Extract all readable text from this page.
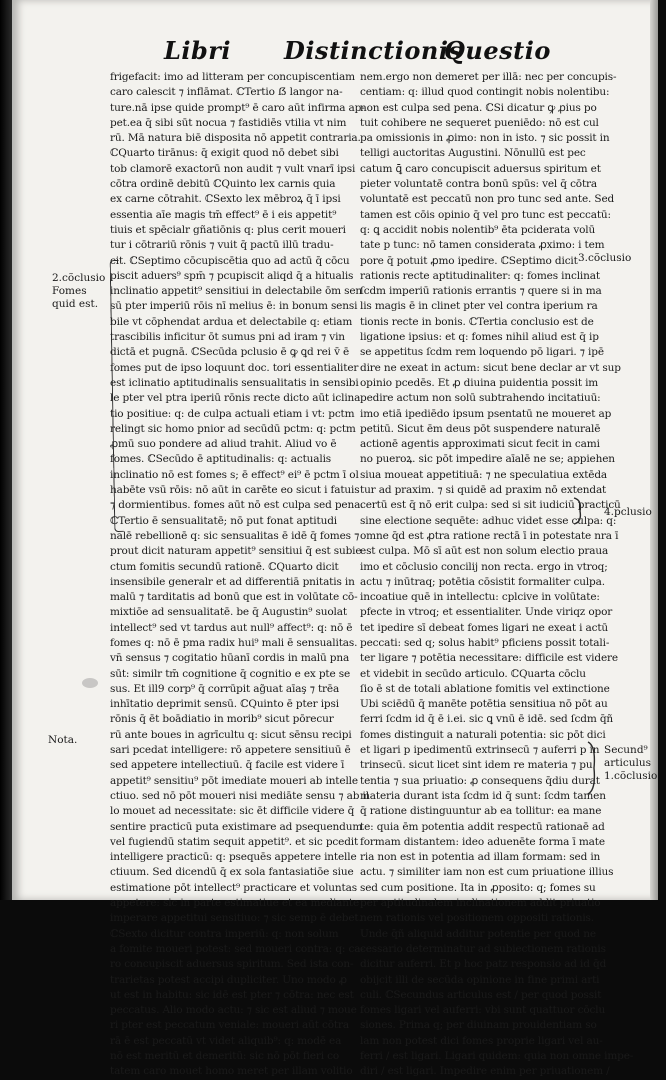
Libri Distinctionis
Questio
frigefacit: imo ad litteram per concupiscentiam
caro calescit ⁊ inflāmat. ℂTertio ẞ langor na-
ture.nā ipse quide prompt⁹ ē caro aūt infirma ap-
pet.ea q̄ sibi sūt nocua ⁊ fastidiēs vtilia vt nim
rū. Mā natura biē disposita nō appetit contraria.
ℂQuarto tirānus: q̄ exigit quod nō debet sibi
tob clamorē exactorū non audit ⁊ vult vnarī ipsi
cōtra ordinē debitū ℂQuinto lex carnis quia
ex carne cōtrahit. ℂSexto lex mēbroꝝ q̄ ī ipsi
essentia aīe magis tm̄ effect⁹ ē i eis appetit⁹
tiuis et spēcialr gñatiōnis q: plus cerit moueri
tur i cōtrariū rōnis ⁊ vuit q̄ pactū illū tradu-
cit. ℂSeptimo cōcupiscētia quo ad actū q̄ cōcu
piscit aduers⁹ spm̄ ⁊ pcupiscit aliqd q̄ a hitualis
inclinatio appetit⁹ sensitiui in delectabile ōm sen
sū pter imperiū rōis nī melius ē: in bonum sensi
bile vt cōphendat ardua et delectabile q: etiam
trascibilis inficitur ōt sumus pni ad iram ⁊ vin
dictā et pugnā. ℂSecūda pclusio ē ꝙ ꝗd rei v̄ ē
fomes put de ipso loquunt doc. tori essentialiter
est iclinatio aptitudinalis sensualitatis in sensibi
le pter vel ptra iperiū rōnis recte dicto aūt iclina
tio positiue: q: de culpa actuali etiam i vt: pctm
relingt sic homo pnior ad secūdū pctm: q: pctm
ꝓmū suo pondere ad aliud trahit. Aliud vo ē
fomes. ℂSecūdo ē aptitudinalis: q: actualis
inclinatio nō est fomes s; ē effect⁹ ei⁹ ē pctm ī ol
habēte vsū rōis: nō aūt in carēte eo sicut i fatuis
⁊ dormientibus. fomes aūt nō est culpa sed pena.
ℂTertio ē sensualitatē; nō put fonat aptitudi
nalē rebellionē q: sic sensualitas ē idē q̄ fomes ⁊
prout dicit naturam appetit⁹ sensitiui q̄ est subie
ctum fomitis secundū rationē. ℂQuarto dicit
insensibile generalr et ad differentiā pnitatis in
malū ⁊ tarditatis ad bonū que est in volūtate cō-
mixtiōe ad sensualitatē. be q̄ Augustin⁹ suolat
intellect⁹ sed vt tardus aut null⁹ affect⁹: q: nō ē
fomes q: nō ē pma radix hui⁹ mali ē sensualitas.
vn̄ sensus ⁊ cogitatio hūanī cordis in malū pna
sūt: similr tm̄ cognitione q̄ cognitio e ex pte se
sus. Et ill9 corp⁹ q̄ corrūpit ag̃uat aīaş ⁊ trēa
inhītatio deprimit sensū. ℂQuinto ē pter ipsi
rōnis q̄ ēt boādiatio in morib⁹ sicut pōrecur
rū ante boues in agrīcultu q: sicut sēnsu recipi
sari pcedat intelligere: rō appetere sensitiuū ē
sed appetere intellectiuū. q̄ facile est videre ī
appetit⁹ sensitiu⁹ pōt imediate moueri ab intelle
ctiuo. sed nō pōt moueri nisi mediāte sensu ⁊ ab il
lo mouet ad necessitate: sic ēt difficile videre q̄
sentire practicū puta existimare ad psequendum
vel fugiendū statim sequit appetit⁹. et sic pcedit
intelligere practicū: q: psequēs appetere intelle
ctiuum. Sed dicendū q̄ ex sola fantasiatiōe siue
estimatione pōt intellect⁹ practicare et voluntas
appetere: sic in parte estimatiue et ea mediante
imperare appetitui sensitiuo: ⁊ sic semp ē debet.
ℂSexto dicitur contra imperiū: q: non solum
a fomite moueri potest: sed moueri contra: q: ca-
ro concupiscit aduersus spiritum. Sed ista con-
trarietas potest accipi dupliciter. Uno modo ꝓ
ut est in habitu: sic idē est pter ⁊ cōtra: nec est
peccatus. Alio modo actu: ⁊ sic est aliud ⁊ moue
ri pter est peccatum veniale: moueri aūt cōtra
rā ē est peccatū vt videt aliquib⁹: q: modē ea
nō est meritū et demeritū: sic nō pōt fieri co
tatem caro mouet homo meret per illam volitio
nem.ergo non demeret per illā: nec per concupis-
centiam: q: illud quod contingit nobis nolentibu:
non est culpa sed pena. ℂSi dicatur ꝙ ꝓius po
tuit cohibere ne sequeret pueniēdo: nō est cul
pa omissionis in ꝓimo: non in isto. ⁊ sic possit in
telligi auctoritas Augustini. Nōnullū est pec
catum ꝗ̄ caro concupiscit aduersus spiritum et
pieter voluntatē contra bonū spūs: vel q̄ cōtra
voluntatē est peccatū non pro tunc sed ante. Sed
tamen est cōis opinio q̄ vel pro tunc est peccatū:
q: ꝗ accidit nobis nolentib⁹ ēta pciderata volū
tate p tunc: nō tamen considerata ꝓximo: i tem
pore q̄ potuit ꝓmo ipedire. ℂSeptimo dicit
rationis recte aptitudinaliter: q: fomes inclinat
ſcdm imperiū rationis errantis ⁊ quere si in ma
lis magis ē in clinet pter vel contra iperium ra
tionis recte in bonis. ℂTertia conclusio est de
ligatione ipsius: et q: fomes nihil aliud est q̄ ip
se appetitus ſcdm rem loquendo pō ligari. ⁊ ipē
dire ne exeat in actum: sicut bene declar ar vt sup
opinio pcedēs. Et ꝓ diuina puidentia possit im
pedire actum non solū subtrahendo incitatiuū:
imo etiā ipediēdo ipsum psentatū ne moueret ap
petitū. Sicut ēm deus pōt suspendere naturalē
actionē agentis approximati sicut fecit in cami
no pueroꝝ. sic pōt impedire aīalē ne se; appiehen
siua moueat appetitiuā: ⁊ ne speculatiua extēda
tur ad praxim. ⁊ si quidē ad praxim nō extendat
certū est q̄ nō erit culpa: sed si sit iudiciū practicū
sine electione sequēte: adhuc videt esse culpa: q:
omne q̄d est ꝓtra ratione rectā ī in potestate nra ī
est culpa. Mō sī aūt est non solum electio praua
imo et cōclusio concilij non recta. ergo in vtroq;
actu ⁊ inūtraq; potētia cōsistit formaliter culpa.
incoatiue quē in intellectu: cplcive in volūtate:
pfecte in vtroq; et essentialiter. Unde viriqz opor
tet ipedire sī debeat fomes ligari ne exeat i actū
peccati: sed q; solus habit⁹ pficiens possit totali-
ter ligare ⁊ potētia necessitare: difficile est videre
et videbit in secūdo articulo. ℂQuarta cōclu
ſio ē st de totali ablatione fomitis vel extinctione
Ubi sciēdū q̄ manēte potētia sensitiua nō pōt au
ferri ſcdm id q̄ ē i.ei. sic ꝗ vnū ē idē. sed ſcdm q̄ñ
fomes distinguit a naturali potentia: sic pōt dici
et ligari p ipedimentū extrinsecū ⁊ auferri p in
trinsecū. sicut licet sint idem re materia ⁊ pu
tentia ⁊ sua priuatio: ꝓ consequens q̄diu durat
materia durant ista ſcdm id q̄ sunt: ſcdm tamen
q̄ ratione distinguuntur ab ea tollitur: ea mane
te: quia ēm potentia addit respectū rationaē ad
formam distantem: ideo aduenēte forma ī mate
ria non est in potentia ad illam formam: sed in
actu. ⁊ similiter iam non est cum priuatione illius
sed cum positione. Ita in ꝓposito: q; fomes su
per aptitudinalem inclinationem addit priuatio
nem rationis vel positionem oppositi rationis.
Unde q̄ñ aliquid additur potentie per quod ne
cessario determinatur ad subiectionem rationis
dicitur auferri. Et p hoc patz responsio ad id q̄d
obijcit illi de secūda opinione in fine primi arti
culi. ℂSecundus articulus est / per quod possit
fomes ligari vel auferri: vbi sunt quattuor cōclu
siones. Prima q; per diuinam prouidentiam so
lam non potest dici fomes proprie ligari vel au-
ferri / est ligari. Ligari quidem: quia non omne impe-
diri / est ligari. Impedire enim per priuationem /
2.cõclusio
Fomes
quid est.
Nota.
3.cõclusio
4.pclusio
Secund⁹
articulus
1.cõclusio
